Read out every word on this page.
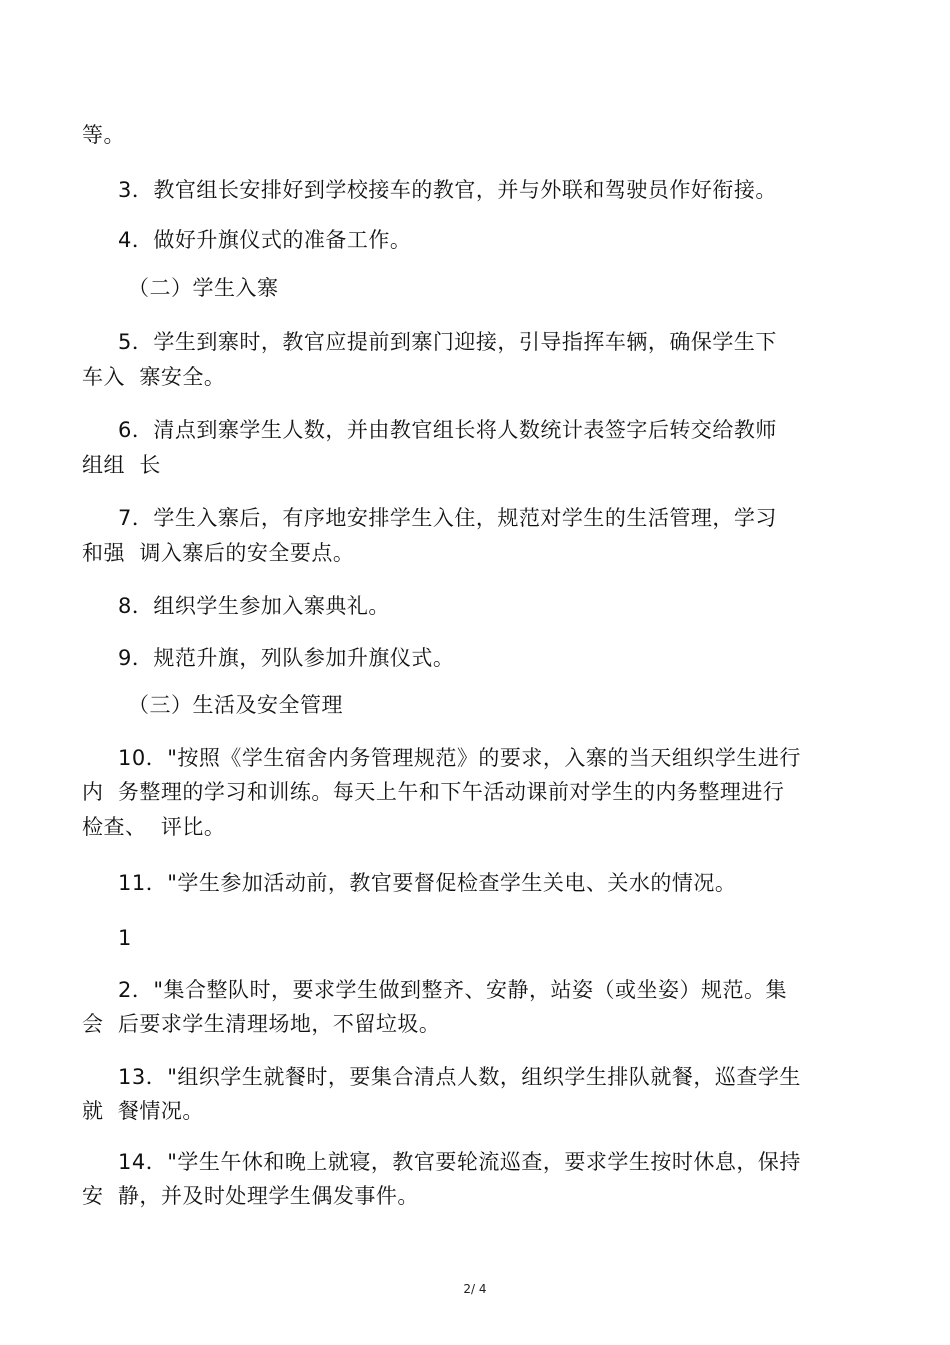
等。
3．教官组长安排好到学校接车的教官，并与外联和驾驶员作好衔接。
4．做好升旗仪式的准备工作。
（二）学生入寨
5．学生到寨时，教官应提前到寨门迎接，引导指挥车辆，确保学生下
车入  寨安全。
6．清点到寨学生人数，并由教官组长将人数统计表签字后转交给教师
组组  长
7．学生入寨后，有序地安排学生入住，规范对学生的生活管理，学习
和强  调入寨后的安全要点。
8．组织学生参加入寨典礼。
9．规范升旗，列队参加升旗仪式。
（三）生活及安全管理
10．"按照《学生宿舍内务管理规范》的要求，入寨的当天组织学生进行
内  务整理的学习和训练。每天上午和下午活动课前对学生的内务整理进行
检查、  评比。
11．"学生参加活动前，教官要督促检查学生关电、关水的情况。
1
2．"集合整队时，要求学生做到整齐、安静，站姿（或坐姿）规范。集
会  后要求学生清理场地，不留垃圾。
13．"组织学生就餐时，要集合清点人数，组织学生排队就餐，巡查学生
就  餐情况。
14．"学生午休和晚上就寝，教官要轮流巡查，要求学生按时休息，保持
安  静，并及时处理学生偶发事件。
2/ 4
